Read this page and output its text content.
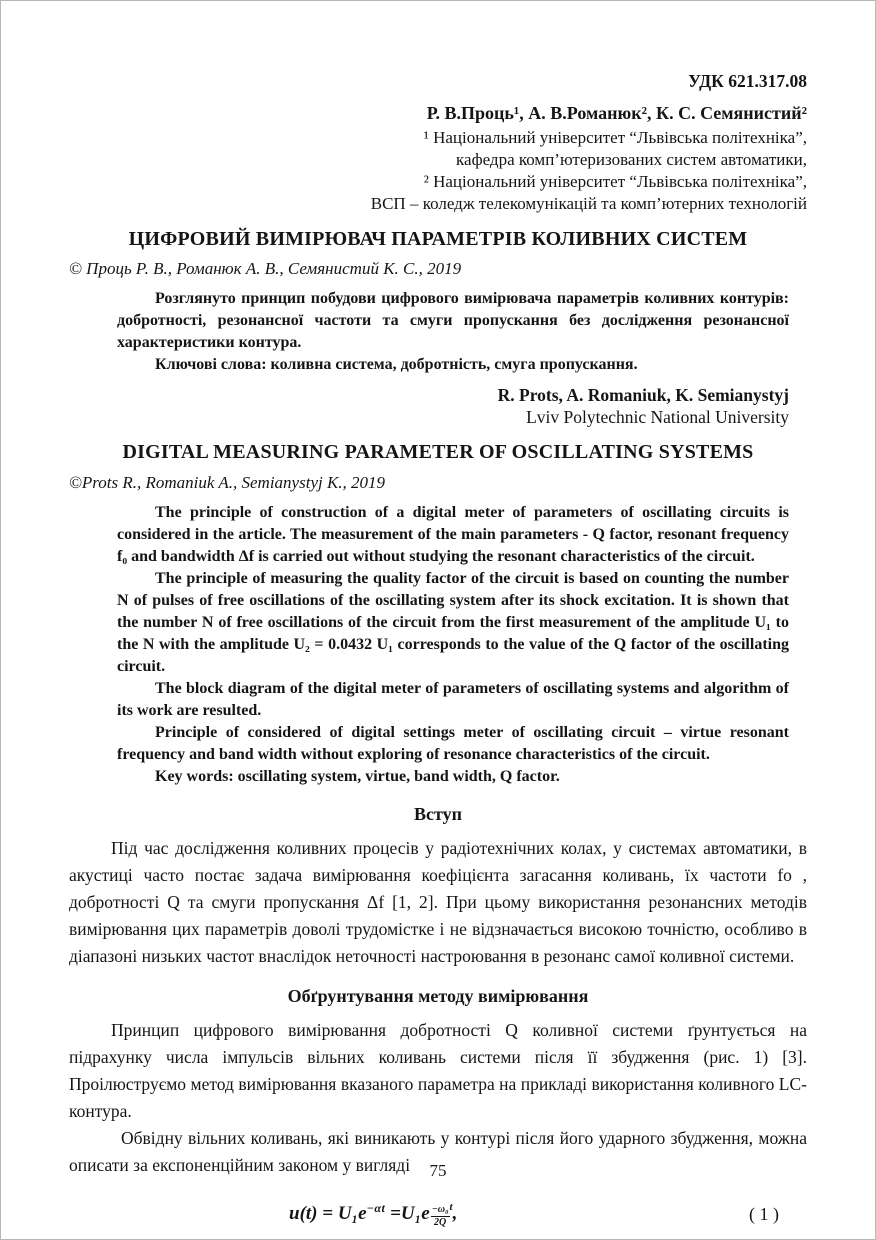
УДК 621.317.08
Р. В.Проць¹, А. В.Романюк², К. С. Семянистий²
¹ Національний університет “Львівська політехніка”,
кафедра комп’ютеризованих систем автоматики,
² Національний університет “Львівська політехніка”,
ВСП – коледж телекомунікацій та комп’ютерних технологій
ЦИФРОВИЙ ВИМІРЮВАЧ ПАРАМЕТРІВ КОЛИВНИХ СИСТЕМ
© Проць Р. В., Романюк А. В., Семянистий К. С., 2019

Розглянуто принцип побудови цифрового вимірювача параметрів коливних контурів: добротності, резонансної частоти та смуги пропускання без дослідження резонансної характеристики контура.

Ключові слова: коливна система, добротність, смуга пропускання.

R. Prots, A. Romaniuk, K. Semianystyj
Lviv Polytechnic National University
DIGITAL MEASURING PARAMETER OF OSCILLATING SYSTEMS
©Prots R., Romaniuk A., Semianystyj K., 2019

The principle of construction of a digital meter of parameters of oscillating circuits is considered in the article. The measurement of the main parameters - Q factor, resonant frequency f₀ and bandwidth Δf is carried out without studying the resonant characteristics of the circuit.

The principle of measuring the quality factor of the circuit is based on counting the number N of pulses of free oscillations of the oscillating system after its shock excitation. It is shown that the number N of free oscillations of the circuit from the first measurement of the amplitude U₁ to the N with the amplitude U₂ = 0.0432 U₁ corresponds to the value of the Q factor of the oscillating circuit.

The block diagram of the digital meter of parameters of oscillating systems and algorithm of its work are resulted.

Principle of considered of digital settings meter of oscillating circuit – virtue resonant frequency and band width without exploring of resonance characteristics of the circuit.

Key words: oscillating system, virtue, band width, Q factor.

Вступ

Під час дослідження коливних процесів у радіотехнічних колах, у системах автоматики, в акустиці часто постає задача вимірювання коефіцієнта загасання коливань, їх частоти fo , добротності Q та смуги пропускання Δf [1, 2]. При цьому використання резонансних методів вимірювання цих параметрів доволі трудомістке і не відзначається високою точністю, особливо в діапазоні низьких частот внаслідок неточності настроювання в резонанс самої коливної системи.

Обґрунтування методу вимірювання

Принцип цифрового вимірювання добротності Q коливної системи ґрунтується на підрахунку числа імпульсів вільних коливань системи після її збудження (рис. 1) [3]. Проілюструємо метод вимірювання вказаного параметра на прикладі використання коливного LC-контура.

Обвідну вільних коливань, які виникають у контурі після його ударного збудження, можна описати за експоненційним законом у вигляді

$u(t) = U_1e^{-\alpha t} =U_1e \frac{\text{−ω₀}}{2Q} ^t$,	( 1 )
75
